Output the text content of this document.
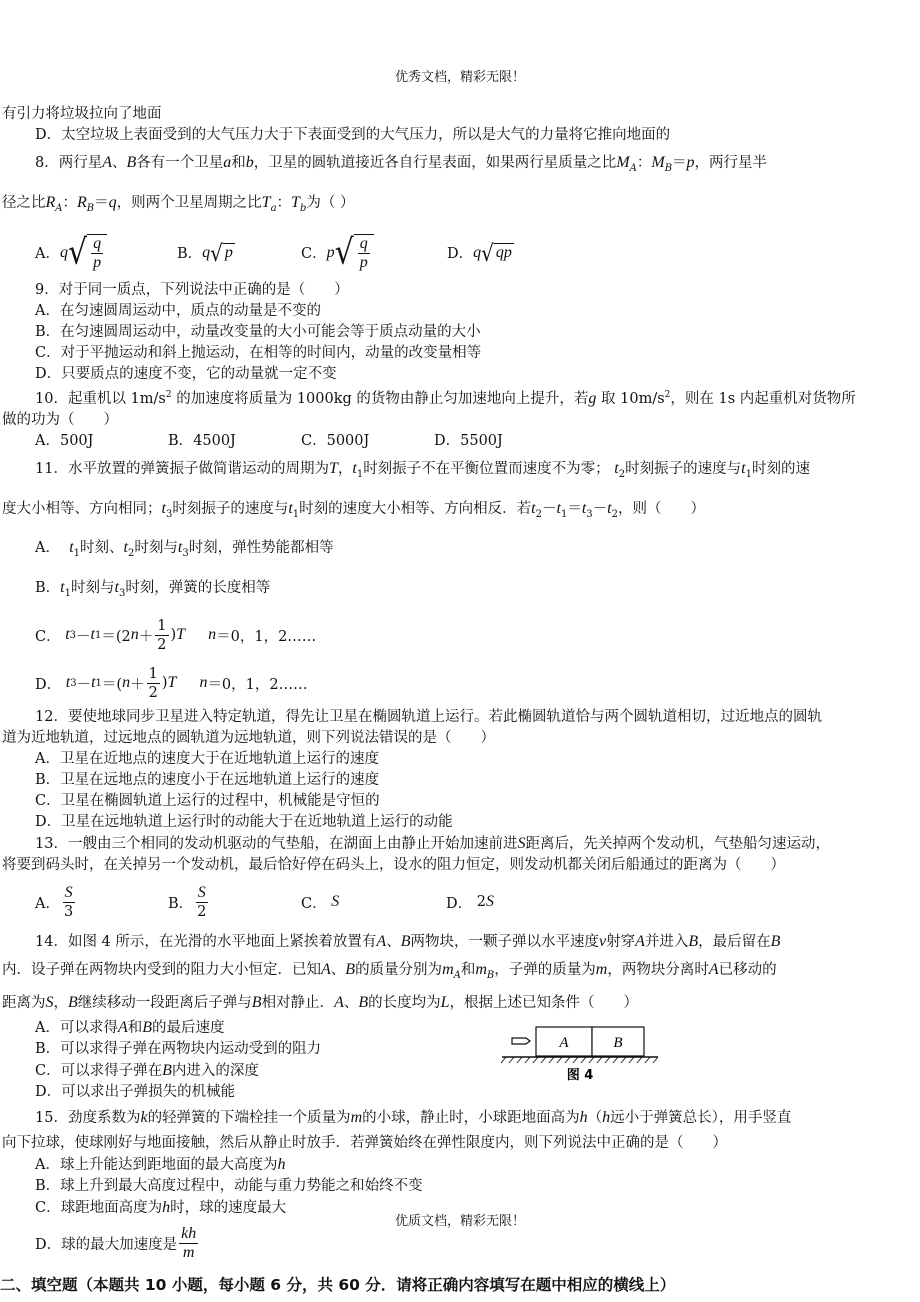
优秀文档，精彩无限！
有引力将垃圾拉向了地面
D．太空垃圾上表面受到的大气压力大于下表面受到的大气压力，所以是大气的力量将它推向地面的
8．两行星A、B各有一个卫星a和b，卫星的圆轨道接近各自行星表面，如果两行星质量之比$M_A$：$M_B=p$，两行星半
径之比$R_A$：$R_B=q$，则两个卫星周期之比$T_a$：$T_b$为（ ）
A． q √ $\frac{q}{p}$	B． q √ p	C． p √ $\frac{q}{p}$	D． q √ q p
9．对于同一质点，下列说法中正确的是（　　）
A．在匀速圆周运动中，质点的动量是不变的
B．在匀速圆周运动中，动量改变量的大小可能会等于质点动量的大小
C．对于平抛运动和斜上抛运动，在相等的时间内，动量的改变量相等
D．只要质点的速度不变，它的动量就一定不变
10．起重机以 $1m/s^2$ 的加速度将质量为 1000kg 的货物由静止匀加速地向上提升，若g 取 $10m/s^2$，则在 1s 内起重机对货物所
做的功为（　　）
A．500J	B．4500J	C．5000J	D．5500J
11．水平放置的弹簧振子做简谐运动的周期为T，$t_1$时刻振子不在平衡位置而速度不为零； $t_2$时刻振子的速度与$t_1$时刻的速
度大小相等、方向相同；$t_3$时刻振子的速度与$t_1$时刻的速度大小相等、方向相反．若$t_2-t_1=t_3-t_2$，则（　　）
A． $t_1$时刻、$t_2$时刻与$t_3$时刻，弹性势能都相等
B．$t_1$时刻与$t_3$时刻，弹簧的长度相等
C．
t 3 － t 1 ＝(2 $n + \frac{1}{2}$ ) T
n ＝0，1，2……
D．
t 3 － t 1 ＝( $n + \frac{1}{2}$ ) T
n ＝0，1，2……
12．要使地球同步卫星进入特定轨道，得先让卫星在椭圆轨道上运行。若此椭圆轨道恰与两个圆轨道相切，过近地点的圆轨
道为近地轨道，过远地点的圆轨道为远地轨道，则下列说法错误的是（　　）
A．卫星在近地点的速度大于在近地轨道上运行的速度
B．卫星在远地点的速度小于在远地轨道上运行的速度
C．卫星在椭圆轨道上运行的过程中，机械能是守恒的
D．卫星在远地轨道上运行时的动能大于在近地轨道上运行的动能
13．一艘由三个相同的发动机驱动的气垫船，在湖面上由静止开始加速前进S距离后，先关掉两个发动机，气垫船匀速运动，
将要到码头时，在关掉另一个发动机，最后恰好停在码头上，设水的阻力恒定，则发动机都关闭后船通过的距离为（　　）
A． $\frac{S}{3}$	B． $\frac{S}{2}$	C．
S	D．
2 S
14．如图 4 所示，在光滑的水平地面上紧挨着放置有A、B两物块，一颗子弹以水平速度v射穿A并进入B，最后留在B
内．设子弹在两物块内受到的阻力大小恒定．已知A、B的质量分别为$m_A$和$m_B$，子弹的质量为m，两物块分离时A已移动的
距离为S，B继续移动一段距离后子弹与B相对静止．A、B的长度均为L，根据上述已知条件（　　）
A．可以求得A和B的最后速度
B．可以求得子弹在两物块内运动受到的阻力
C．可以求得子弹在B内进入的深度
D．可以求出子弹损失的机械能
A	B
图 4
15．劲度系数为k的轻弹簧的下端栓挂一个质量为m的小球，静止时，小球距地面高为h（h远小于弹簧总长），用手竖直
向下拉球，使球刚好与地面接触，然后从静止时放手．若弹簧始终在弹性限度内，则下列说法中正确的是（　　）
A．球上升能达到距地面的最大高度为h
B．球上升到最大高度过程中，动能与重力势能之和始终不变
C．球距地面高度为h时，球的速度最大
D．球的最大加速度是 $\frac{kh}{m}$
二、填空题（本题共 10 小题，每小题 6 分，共 60 分．请将正确内容填写在题中相应的横线上）
优质文档，精彩无限！
